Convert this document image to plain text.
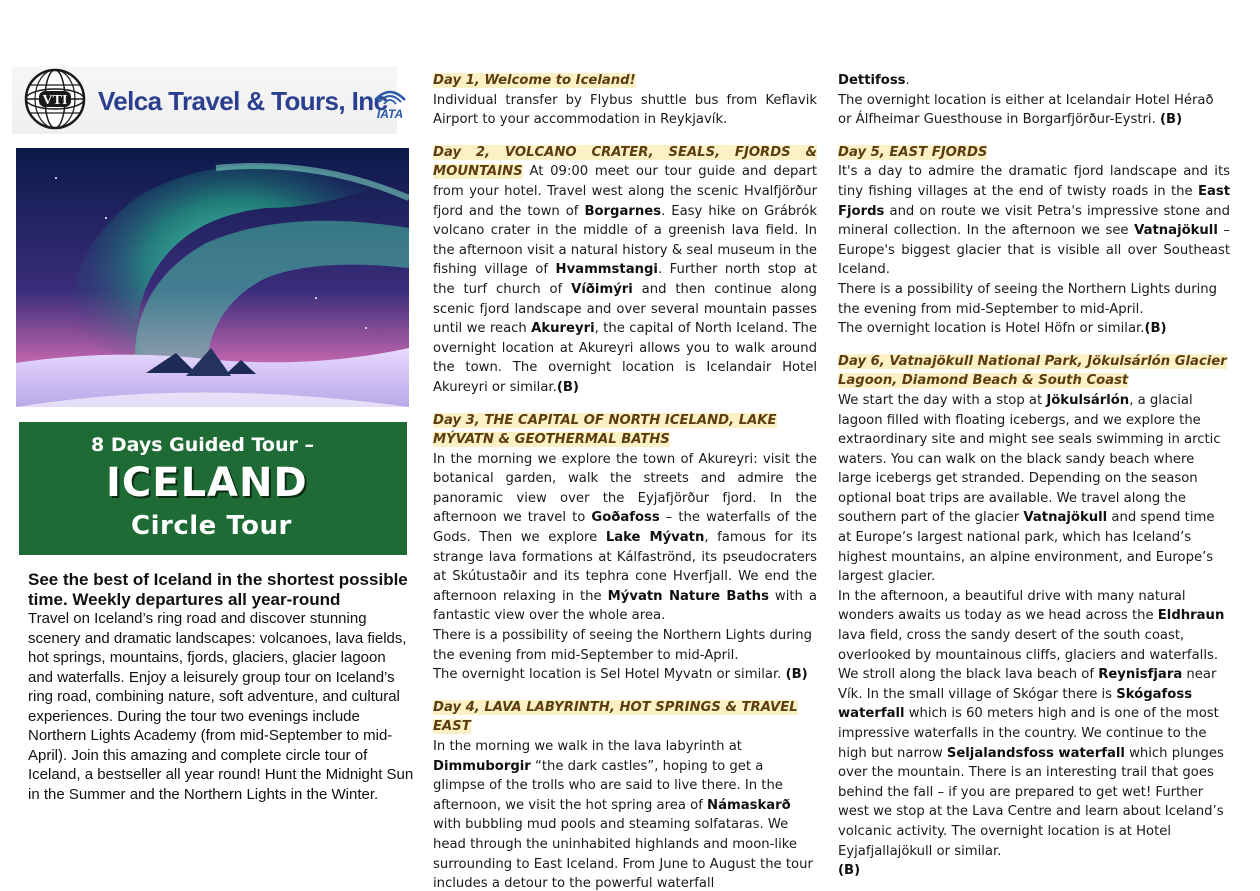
VTI Velca Travel & Tours, Inc
IATA
8 Days Guided Tour –
ICELAND
Circle Tour
See the best of Iceland in the shortest possible time. Weekly departures all year-round
Travel on Iceland’s ring road and discover stunning scenery and dramatic landscapes: volcanoes, lava fields, hot springs, mountains, fjords, glaciers, glacier lagoon and waterfalls. Enjoy a leisurely group tour on Iceland’s ring road, combining nature, soft adventure, and cultural experiences. During the tour two evenings include Northern Lights Academy (from mid-September to mid-April). Join this amazing and complete circle tour of Iceland, a bestseller all year round! Hunt the Midnight Sun in the Summer and the Northern Lights in the Winter.

Day 1, Welcome to Iceland!

Individual transfer by Flybus shuttle bus from Keflavik Airport to your accommodation in Reykjavík.

Day 2, VOLCANO CRATER, SEALS, FJORDS & MOUNTAINS At 09:00 meet our tour guide and depart from your hotel. Travel west along the scenic Hvalfjörður fjord and the town of Borgarnes. Easy hike on Grábrók volcano crater in the middle of a greenish lava field. In the afternoon visit a natural history & seal museum in the fishing village of Hvammstangi. Further north stop at the turf church of Víðimýri and then continue along scenic fjord landscape and over several mountain passes until we reach Akureyri, the capital of North Iceland. The overnight location at Akureyri allows you to walk around the town. The overnight location is Icelandair Hotel Akureyri or similar.(B)

Day 3, THE CAPITAL OF NORTH ICELAND, LAKE MÝVATN & GEOTHERMAL BATHS

In the morning we explore the town of Akureyri: visit the botanical garden, walk the streets and admire the panoramic view over the Eyjafjörður fjord. In the afternoon we travel to Goðafoss – the waterfalls of the Gods. Then we explore Lake Mývatn, famous for its strange lava formations at Kálfaströnd, its pseudocraters at Skútustaðir and its tephra cone Hverfjall. We end the afternoon relaxing in the Mývatn Nature Baths with a fantastic view over the whole area.

There is a possibility of seeing the Northern Lights during the evening from mid-September to mid-April.

The overnight location is Sel Hotel Myvatn or similar. (B)

Day 4, LAVA LABYRINTH, HOT SPRINGS & TRAVEL EAST

In the morning we walk in the lava labyrinth at Dimmuborgir “the dark castles”, hoping to get a glimpse of the trolls who are said to live there. In the afternoon, we visit the hot spring area of Námaskarð with bubbling mud pools and steaming solfataras. We head through the uninhabited highlands and moon-like surrounding to East Iceland. From June to August the tour includes a detour to the powerful waterfall

Dettifoss.

The overnight location is either at Icelandair Hotel Hérað or Álfheimar Guesthouse in Borgarfjörður-Eystri. (B)

Day 5, EAST FJORDS

It's a day to admire the dramatic fjord landscape and its tiny fishing villages at the end of twisty roads in the East Fjords and on route we visit Petra's impressive stone and mineral collection. In the afternoon we see Vatnajökull – Europe's biggest glacier that is visible all over Southeast Iceland.

There is a possibility of seeing the Northern Lights during the evening from mid-September to mid-April.

The overnight location is Hotel Höfn or similar.(B)

Day 6, Vatnajökull National Park, Jökulsárlón Glacier Lagoon, Diamond Beach & South Coast

We start the day with a stop at Jökulsárlón, a glacial lagoon filled with floating icebergs, and we explore the extraordinary site and might see seals swimming in arctic waters. You can walk on the black sandy beach where large icebergs get stranded. Depending on the season optional boat trips are available. We travel along the southern part of the glacier Vatnajökull and spend time at Europe’s largest national park, which has Iceland’s highest mountains, an alpine environment, and Europe’s largest glacier.

In the afternoon, a beautiful drive with many natural wonders awaits us today as we head across the Eldhraun lava field, cross the sandy desert of the south coast, overlooked by mountainous cliffs, glaciers and waterfalls. We stroll along the black lava beach of Reynisfjara near Vík. In the small village of Skógar there is Skógafoss waterfall which is 60 meters high and is one of the most impressive waterfalls in the country. We continue to the high but narrow Seljalandsfoss waterfall which plunges over the mountain. There is an interesting trail that goes behind the fall – if you are prepared to get wet! Further west we stop at the Lava Centre and learn about Iceland’s volcanic activity. The overnight location is at Hotel Eyjafjallajökull or similar.
(B)
